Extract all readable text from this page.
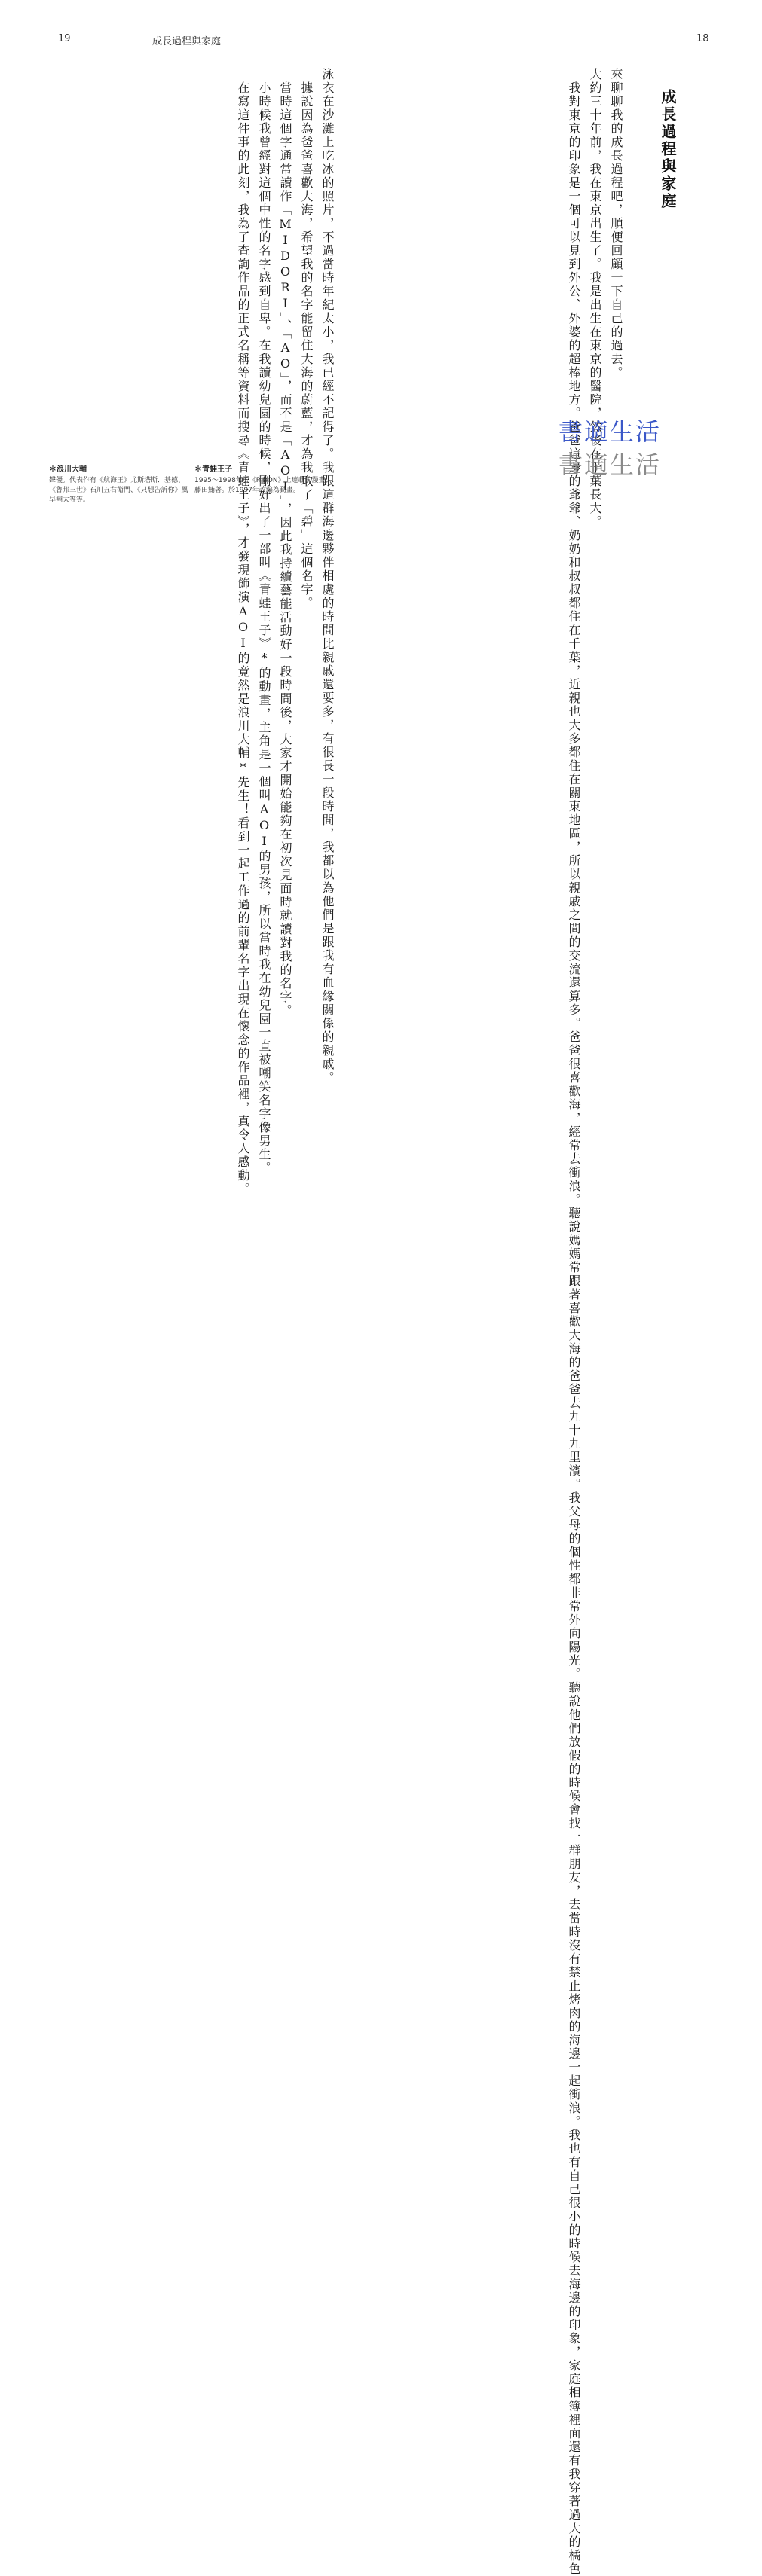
19	成長過程與家庭

泳衣在沙灘上吃冰的照片，不過當時年紀太小，我已經不記得了。我跟這群海邊夥伴相處的時間比親戚還要多，有很長一段時間，我都以為他們是跟我有血緣關係的親戚。

　據說因為爸爸喜歡大海，希望我的名字能留住大海的蔚藍，才為我取了「碧」這個名字。

　當時這個字通常讀作「MIDORI」、「AO」，而不是「AOI」，因此我持續藝能活動好一段時間後，大家才開始能夠在初次見面時就讀對我的名字。

　小時候我曾經對這個中性的名字感到自卑。在我讀幼兒園的時候，剛好出了一部叫《青蛙王子》*的動畫，主角是一個叫AOI的男孩，所以當時我在幼兒園一直被嘲笑名字像男生。

　在寫這件事的此刻，我為了查詢作品的正式名稱等資料而搜尋《青蛙王子》，才發現飾演AOI的竟然是浪川大輔*先生！看到一起工作過的前輩名字出現在懷念的作品裡，真令人感動。

＊浪川大輔

聲優。代表作有《航海王》尤斯塔斯．基德、《魯邦三世》石川五右衛門、《只想告訴你》風早翔太等等。

＊青蛙王子

1995～1998年於《RIBON》上連載的漫畫。藤田鮪著。於1997年改編為動畫。

18
成長過程與家庭

來聊聊我的成長過程吧，順便回顧一下自己的過去。

大約三十年前，我在東京出生了。我是出生在東京的醫院，然後在千葉長大。

　我對東京的印象是一個可以見到外公、外婆的超棒地方。爸爸這邊的爺爺、奶奶和叔叔都住在千葉，近親也大多都住在關東地區，所以親戚之間的交流還算多。爸爸很喜歡海，經常去衝浪。聽說媽媽常跟著喜歡大海的爸爸去九十九里濱。我父母的個性都非常外向陽光。聽說他們放假的時候會找一群朋友，去當時沒有禁止烤肉的海邊一起衝浪。我也有自己很小的時候去海邊的印象，家庭相簿裡面還有我穿著過大的橘色

書適生活
書適生活
